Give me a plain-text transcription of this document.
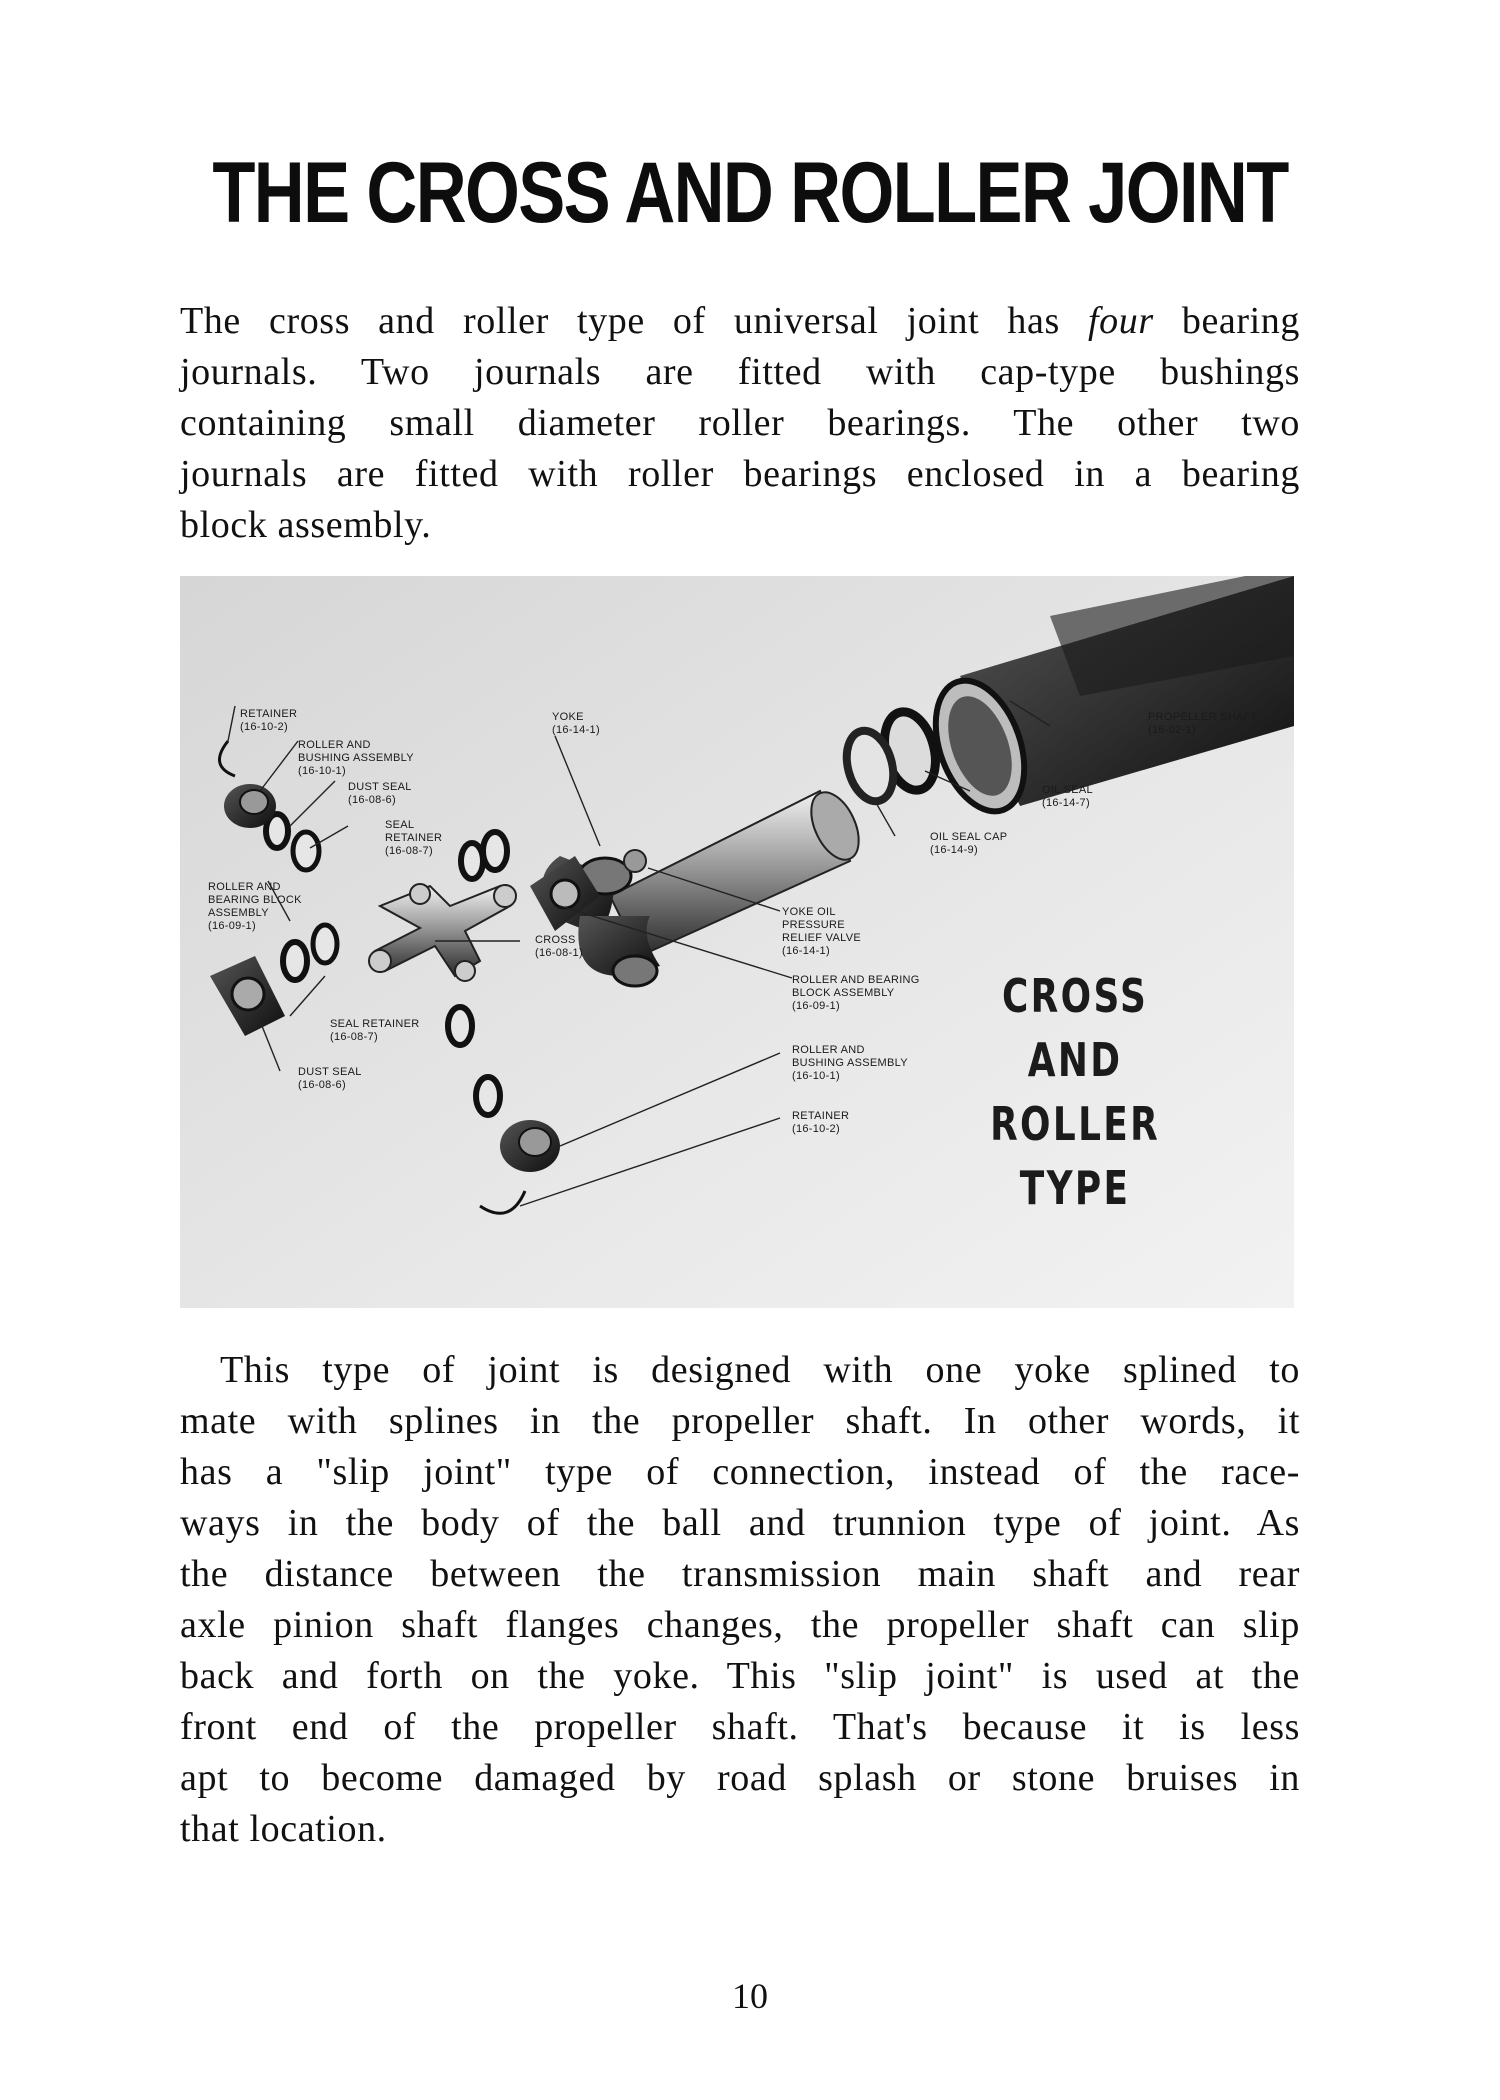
THE CROSS AND ROLLER JOINT
The cross and roller type of universal joint has four bearing
journals. Two journals are fitted with cap-type bushings
containing small diameter roller bearings. The other two
journals are fitted with roller bearings enclosed in a bearing
block assembly.
RETAINER
(16-10-2)
ROLLER AND
BUSHING ASSEMBLY
(16-10-1)
DUST SEAL
(16-08-6)
SEAL
RETAINER
(16-08-7)
ROLLER AND
BEARING BLOCK
ASSEMBLY
(16-09-1)
YOKE
(16-14-1)
CROSS
(16-08-1)
SEAL RETAINER
(16-08-7)
DUST SEAL
(16-08-6)
PROPELLER SHAFT
(16-02-1)
OIL SEAL
(16-14-7)
OIL SEAL CAP
(16-14-9)
YOKE OIL
PRESSURE
RELIEF VALVE
(16-14-1)
ROLLER AND BEARING
BLOCK ASSEMBLY
(16-09-1)
ROLLER AND
BUSHING ASSEMBLY
(16-10-1)
RETAINER
(16-10-2)
CROSS AND
ROLLER TYPE
This type of joint is designed with one yoke splined to
mate with splines in the propeller shaft. In other words, it
has a "slip joint" type of connection, instead of the race-
ways in the body of the ball and trunnion type of joint. As
the distance between the transmission main shaft and rear
axle pinion shaft flanges changes, the propeller shaft can slip
back and forth on the yoke. This "slip joint" is used at the
front end of the propeller shaft. That's because it is less
apt to become damaged by road splash or stone bruises in
that location.

10
